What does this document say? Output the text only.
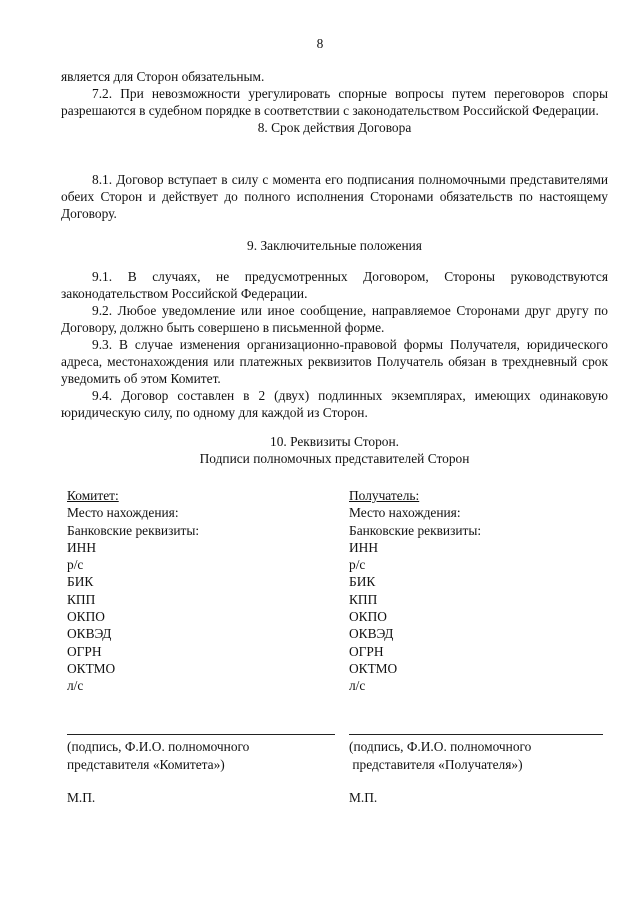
8

является для Сторон обязательным.

7.2. При невозможности урегулировать спорные вопросы путем переговоров споры разрешаются в судебном порядке в соответствии с законодательством Российской Федерации.

8. Срок действия Договора

8.1. Договор вступает в силу с момента его подписания полномочными представителями обеих Сторон и действует до полного исполнения Сторонами обязательств по настоящему Договору.

9. Заключительные положения

9.1. В случаях, не предусмотренных Договором, Стороны руководствуются законодательством Российской Федерации.

9.2. Любое уведомление или иное сообщение, направляемое Сторонами друг другу по Договору, должно быть совершено в письменной форме.

9.3. В случае изменения организационно-правовой формы Получателя, юридического адреса, местонахождения или платежных реквизитов Получатель обязан в трехдневный срок уведомить об этом Комитет.

9.4. Договор составлен в 2 (двух) подлинных экземплярах, имеющих одинаковую юридическую силу, по одному для каждой из Сторон.

10. Реквизиты Сторон.

Подписи полномочных представителей Сторон

Комитет:
Место нахождения:
Банковские реквизиты:
ИНН
р/с
БИК
КПП
ОКПО
ОКВЭД
ОГРН
ОКТМО
л/с
Получатель:
Место нахождения:
Банковские реквизиты:
ИНН
р/с
БИК
КПП
ОКПО
ОКВЭД
ОГРН
ОКТМО
л/с
(подпись, Ф.И.О. полномочного
представителя «Комитета»)
(подпись, Ф.И.О. полномочного
представителя «Получателя»)
М.П.	М.П.
